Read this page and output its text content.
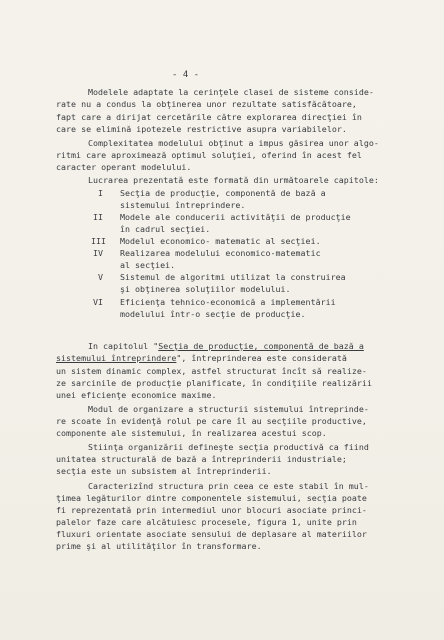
- 4 -
Modelele adaptate la cerinţele clasei de sisteme conside-
rate nu a condus la obţinerea unor rezultate satisfăcătoare,
fapt care a dirijat cercetările către explorarea direcţiei în
care se elimină ipotezele restrictive asupra variabilelor.
Complexitatea modelului obţinut a impus găsirea unor algo-
ritmi care aproximează optimul soluţiei, oferind în acest fel
caracter operant modelului.
Lucrarea prezentată este formată din următoarele capitole:
I Secţia de producţie, componentă de bază a
sistemului întreprindere.
II Modele ale conducerii activităţii de producţie
în cadrul secţiei.
III Modelul economico- matematic al secţiei.
IV Realizarea modelului economico-matematic
al secţiei.
V Sistemul de algoritmi utilizat la construirea
şi obţinerea soluţiilor modelului.
VI Eficienţa tehnico-economică a implementării
modelului într-o secţie de producţie.
In capitolul "Secţia de producţie, componentă de bază a
sistemului întreprindere", întreprinderea este considerată
un sistem dinamic complex, astfel structurat încît să realize-
ze sarcinile de producţie planificate, în condiţiile realizării
unei eficienţe economice maxime.
Modul de organizare a structurii sistemului întreprinde-
re scoate în evidenţă rolul pe care îl au secţiile productive,
componente ale sistemului, în realizarea acestui scop.
Stiinţa organizării defineşte secţia productivă ca fiind
unitatea structurală de bază a întreprinderii industriale;
secţia este un subsistem al întreprinderii.
Caracterizînd structura prin ceea ce este stabil în mul-
ţimea legăturilor dintre componentele sistemului, secţia poate
fi reprezentată prin intermediul unor blocuri asociate princi-
palelor faze care alcătuiesc procesele, figura 1, unite prin
fluxuri orientate asociate sensului de deplasare al materiilor
prime şi al utilităţilor în transformare.
